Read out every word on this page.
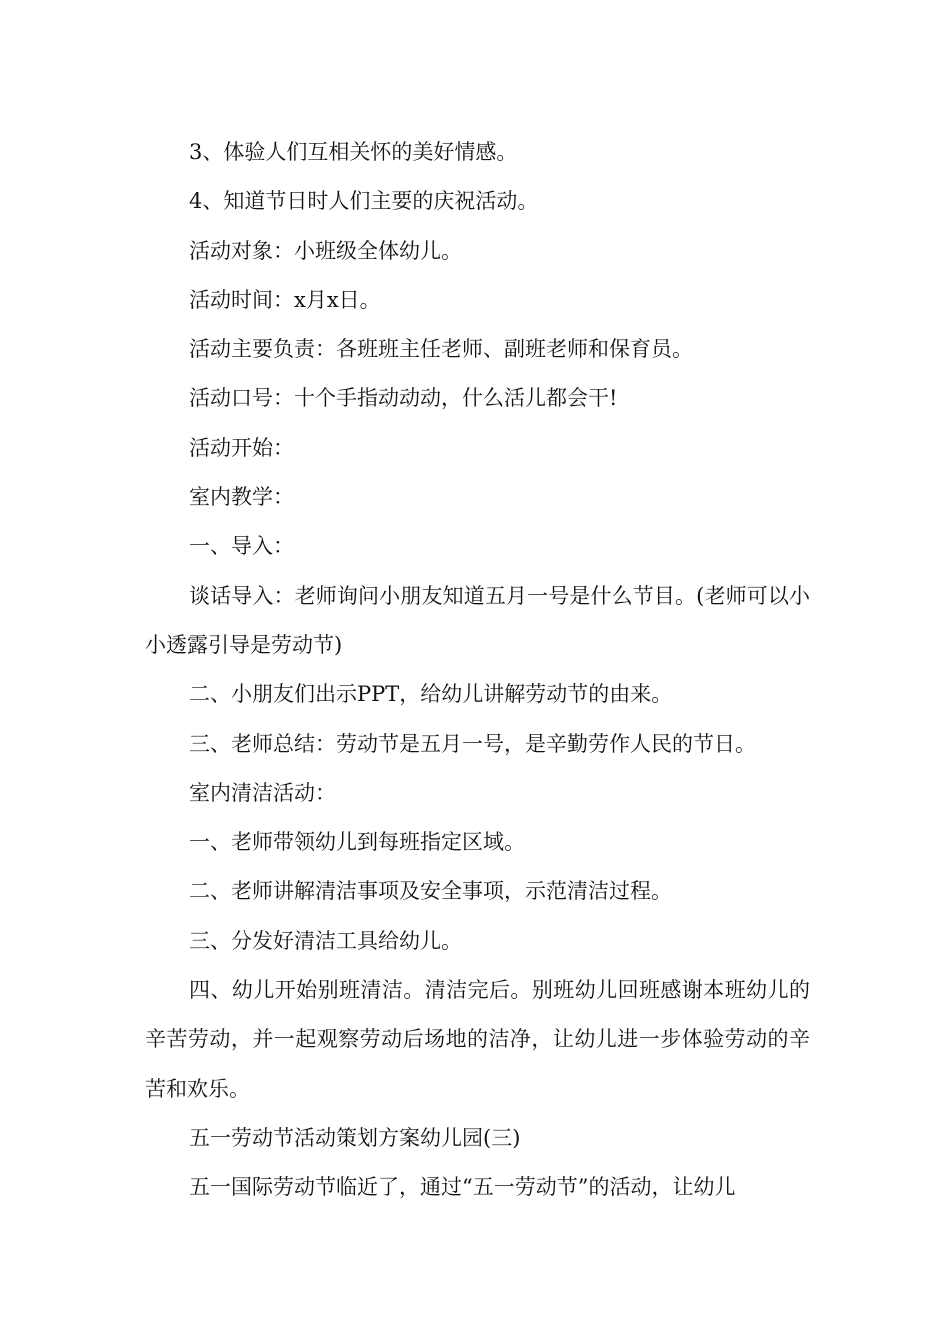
3、体验人们互相关怀的美好情感。

4、知道节日时人们主要的庆祝活动。

活动对象：小班级全体幼儿。

活动时间：x月x日。

活动主要负责：各班班主任老师、副班老师和保育员。

活动口号：十个手指动动动，什么活儿都会干!

活动开始：

室内教学：

一、导入：

谈话导入：老师询问小朋友知道五月一号是什么节目。(老师可以小小透露引导是劳动节)

二、小朋友们出示PPT，给幼儿讲解劳动节的由来。

三、老师总结：劳动节是五月一号，是辛勤劳作人民的节日。

室内清洁活动：

一、老师带领幼儿到每班指定区域。

二、老师讲解清洁事项及安全事项，示范清洁过程。

三、分发好清洁工具给幼儿。

四、幼儿开始别班清洁。清洁完后。别班幼儿回班感谢本班幼儿的辛苦劳动，并一起观察劳动后场地的洁净，让幼儿进一步体验劳动的辛苦和欢乐。

五一劳动节活动策划方案幼儿园(三)

五一国际劳动节临近了，通过“五一劳动节”的活动，让幼儿
